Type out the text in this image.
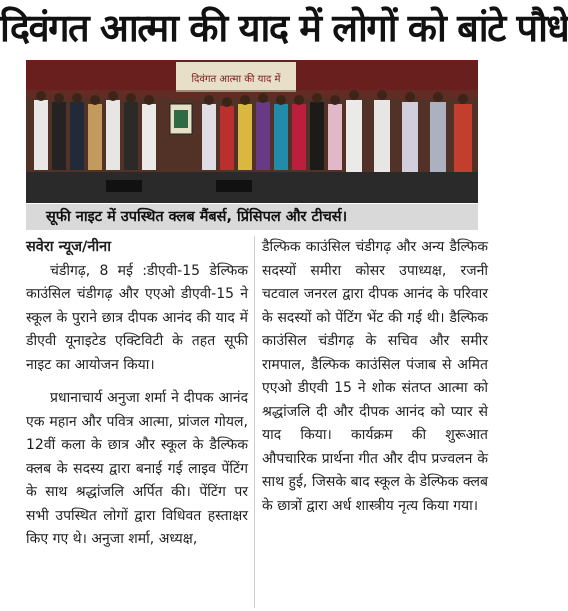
दिवंगत आत्मा की याद में लोगों को बांटे पौधे
दिवंगत आत्मा की याद में
सूफी नाइट में उपस्थित क्लब मैंबर्स, प्रिंसिपल और टीचर्स।

सवेरा न्यूज/नीना

चंडीगढ़, 8 मई :डीएवी-15 डेल्फिक काउंसिल चंडीगढ़ और एएओ डीएवी-15 ने स्कूल के पुराने छात्र दीपक आनंद की याद में डीएवी यूनाइटेड एक्टिविटी के तहत सूफी नाइट का आयोजन किया।

प्रधानाचार्य अनुजा शर्मा ने दीपक आनंद एक महान और पवित्र आत्मा, प्रांजल गोयल, 12वीं कला के छात्र और स्कूल के डैल्फिक क्लब के सदस्य द्वारा बनाई गई लाइव पेंटिंग के साथ श्रद्धांजलि अर्पित की। पेंटिंग पर सभी उपस्थित लोगों द्वारा विधिवत हस्ताक्षर किए गए थे। अनुजा शर्मा, अध्यक्ष,

डैल्फिक काउंसिल चंडीगढ़ और अन्य डैल्फिक सदस्यों समीरा कोसर उपाध्यक्ष, रजनी चटवाल जनरल द्वारा दीपक आनंद के परिवार के सदस्यों को पेंटिंग भेंट की गई थी। डैल्फिक काउंसिल चंडीगढ़ के सचिव और समीर रामपाल, डैल्फिक काउंसिल पंजाब से अमित एएओ डीएवी 15 ने शोक संतप्त आत्मा को श्रद्धांजलि दी और दीपक आनंद को प्यार से याद किया। कार्यक्रम की शुरूआत औपचारिक प्रार्थना गीत और दीप प्रज्वलन के साथ हुई, जिसके बाद स्कूल के डेल्फिक क्लब के छात्रों द्वारा अर्ध शास्त्रीय नृत्य किया गया।
